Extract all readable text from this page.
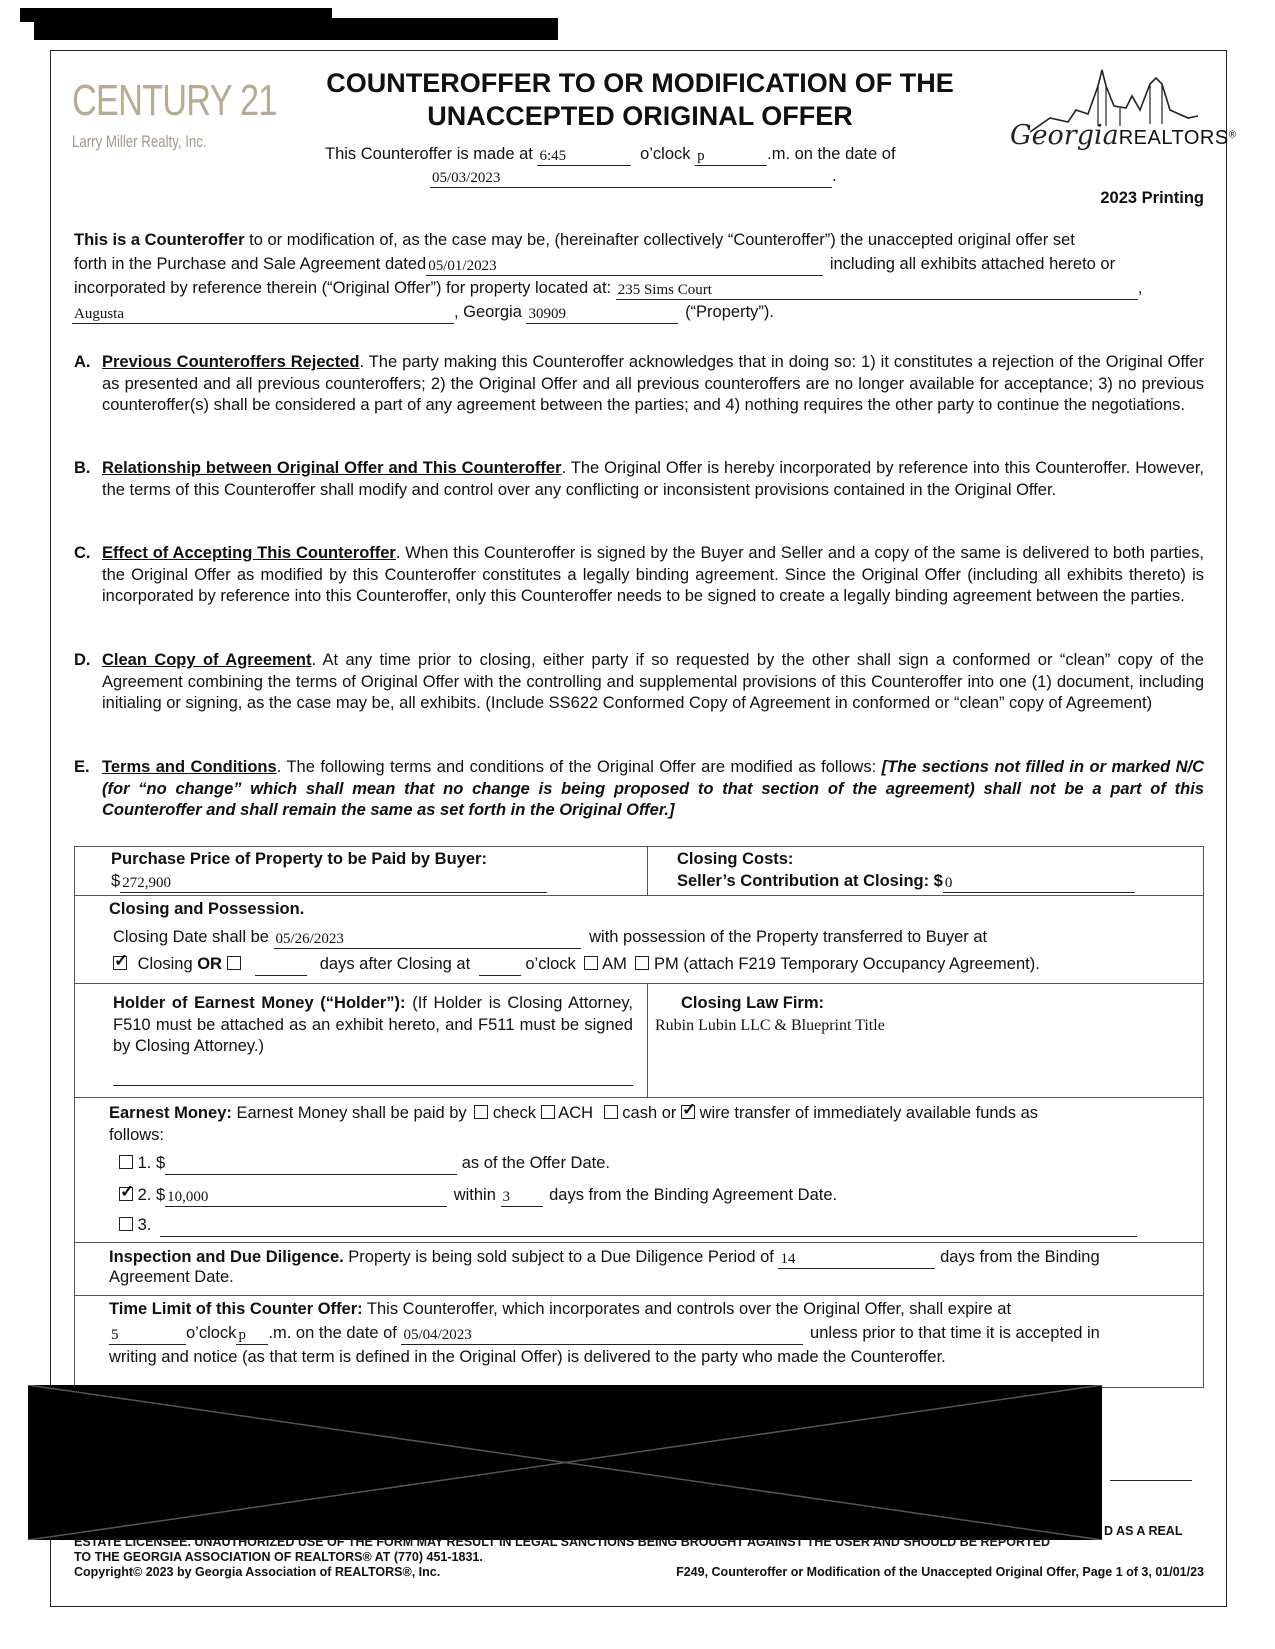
CENTURY 21
Larry Miller Realty, Inc.
COUNTEROFFER TO OR MODIFICATION OF THE
UNACCEPTED ORIGINAL OFFER
This Counteroffer is made at 6:45	o’clock p	.m. on the date of
05/03/2023	.
GeorgiaREALTORS®
2023 Printing
This is a Counteroffer to or modification of, as the case may be, (hereinafter collectively “Counteroffer”) the unaccepted original offer set
forth in the Purchase and Sale Agreement dated 05/01/2023	including all exhibits attached hereto or
incorporated by reference therein (“Original Offer”) for property located at: 235 Sims Court	,
Augusta	, Georgia 30909	(“Property”).
A. Previous Counteroffers Rejected. The party making this Counteroffer acknowledges that in doing so: 1) it constitutes a rejection of the Original Offer as presented and all previous counteroffers; 2) the Original Offer and all previous counteroffers are no longer available for acceptance; 3) no previous counteroffer(s) shall be considered a part of any agreement between the parties; and 4) nothing requires the other party to continue the negotiations.
B. Relationship between Original Offer and This Counteroffer. The Original Offer is hereby incorporated by reference into this Counteroffer. However, the terms of this Counteroffer shall modify and control over any conflicting or inconsistent provisions contained in the Original Offer.
C. Effect of Accepting This Counteroffer. When this Counteroffer is signed by the Buyer and Seller and a copy of the same is delivered to both parties, the Original Offer as modified by this Counteroffer constitutes a legally binding agreement. Since the Original Offer (including all exhibits thereto) is incorporated by reference into this Counteroffer, only this Counteroffer needs to be signed to create a legally binding agreement between the parties.
D. Clean Copy of Agreement. At any time prior to closing, either party if so requested by the other shall sign a conformed or “clean” copy of the Agreement combining the terms of Original Offer with the controlling and supplemental provisions of this Counteroffer into one (1) document, including initialing or signing, as the case may be, all exhibits. (Include SS622 Conformed Copy of Agreement in conformed or “clean” copy of Agreement)
E. Terms and Conditions. The following terms and conditions of the Original Offer are modified as follows: [The sections not filled in or marked N/C (for “no change” which shall mean that no change is being proposed to that section of the agreement) shall not be a part of this Counteroffer and shall remain the same as set forth in the Original Offer.]
Purchase Price of Property to be Paid by Buyer:
$ 272,900
Closing Costs:
Seller’s Contribution at Closing: $ 0
Closing and Possession.
Closing Date shall be 05/26/2023	with possession of the Property transferred to Buyer at
✓ Closing OR	days after Closing at	o’clock AM PM (attach F219 Temporary Occupancy Agreement).
Holder of Earnest Money (“Holder”): (If Holder is Closing Attorney, F510 must be attached as an exhibit hereto, and F511 must be signed by Closing Attorney.)
Closing Law Firm:
Rubin Lubin LLC & Blueprint Title
Earnest Money: Earnest Money shall be paid by check ACH cash or ✓ wire transfer of immediately available funds as
follows:
1. $	as of the Offer Date.
✓ 2. $ 10,000	within 3 days from the Binding Agreement Date.
3.
Inspection and Due Diligence. Property is being sold subject to a Due Diligence Period of 14	days from the Binding
Agreement Date.
Time Limit of this Counter Offer: This Counteroffer, which incorporates and controls over the Original Offer, shall expire at
5	o’clock p .m. on the date of 05/04/2023	unless prior to that time it is accepted in
writing and notice (as that term is defined in the Original Offer) is delivered to the party who made the Counteroffer.
D AS A REAL
ESTATE LICENSEE. UNAUTHORIZED USE OF THE FORM MAY RESULT IN LEGAL SANCTIONS BEING BROUGHT AGAINST THE USER AND SHOULD BE REPORTED
TO THE GEORGIA ASSOCIATION OF REALTORS® AT (770) 451-1831.
Copyright© 2023 by Georgia Association of REALTORS®, Inc.	F249, Counteroffer or Modification of the Unaccepted Original Offer, Page 1 of 3, 01/01/23
